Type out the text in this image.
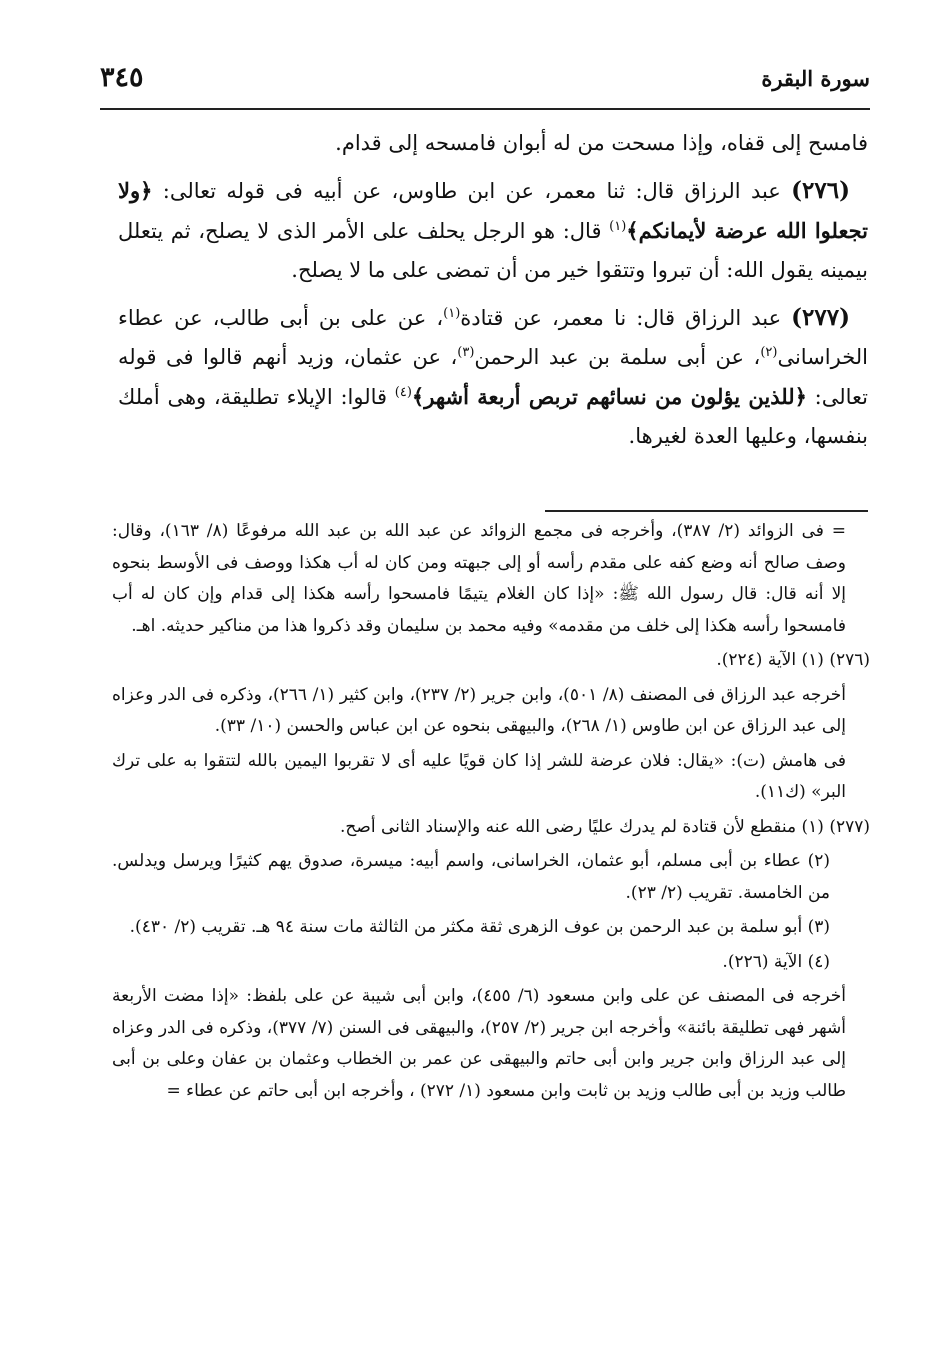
سورة البقرة
٣٤٥

فامسح إلى قفاه، وإذا مسحت من له أبوان فامسحه إلى قدام.

(٢٧٦) عبد الرزاق قال: ثنا معمر، عن ابن طاوس، عن أبيه فى قوله تعالى: ﴿ولا تجعلوا الله عرضة لأيمانكم﴾$^{(١)}$ قال: هو الرجل يحلف على الأمر الذى لا يصلح، ثم يتعلل بيمينه يقول الله: أن تبروا وتتقوا خير من أن تمضى على ما لا يصلح.

(٢٧٧) عبد الرزاق قال: نا معمر، عن قتادة$^{(١)}$، عن على بن أبى طالب، عن عطاء الخراسانى$^{(٢)}$، عن أبى سلمة بن عبد الرحمن$^{(٣)}$، عن عثمان، وزيد أنهم قالوا فى قوله تعالى: ﴿للذين يؤلون من نسائهم تربص أربعة أشهر﴾$^{(٤)}$ قالوا: الإيلاء تطليقة، وهى أملك بنفسها، وعليها العدة لغيرها.

= فى الزوائد (٢/ ٣٨٧)، وأخرجه فى مجمع الزوائد عن عبد الله بن عبد الله مرفوعًا (٨/ ١٦٣)، وقال: وصف صالح أنه وضع كفه على مقدم رأسه أو إلى جبهته ومن كان له أب هكذا ووصف فى الأوسط بنحوه إلا أنه قال: قال رسول الله ﷺ: «إذا كان الغلام يتيمًا فامسحوا رأسه هكذا إلى قدام وإن كان له أب فامسحوا رأسه هكذا إلى خلف من مقدمه» وفيه محمد بن سليمان وقد ذكروا هذا من مناكير حديثه. اهـ.

(٢٧٦) (١) الآية (٢٢٤).

أخرجه عبد الرزاق فى المصنف (٨/ ٥٠١)، وابن جرير (٢/ ٢٣٧)، وابن كثير (١/ ٢٦٦)، وذكره فى الدر وعزاه إلى عبد الرزاق عن ابن طاوس (١/ ٢٦٨)، والبيهقى بنحوه عن ابن عباس والحسن (١٠/ ٣٣).

فى هامش (ت): «يقال: فلان عرضة للشر إذا كان قويًا عليه أى لا تقربوا اليمين بالله لتتقوا به على ترك البر» (ك١١).

(٢٧٧) (١) منقطع لأن قتادة لم يدرك عليًا رضى الله عنه والإسناد الثانى أصح.

(٢) عطاء بن أبى مسلم، أبو عثمان، الخراسانى، واسم أبيه: ميسرة، صدوق يهم كثيرًا ويرسل ويدلس. من الخامسة. تقريب (٢/ ٢٣).

(٣) أبو سلمة بن عبد الرحمن بن عوف الزهرى ثقة مكثر من الثالثة مات سنة ٩٤ هـ. تقريب (٢/ ٤٣٠).

(٤) الآية (٢٢٦).

أخرجه فى المصنف عن على وابن مسعود (٦/ ٤٥٥)، وابن أبى شيبة عن على بلفظ: «إذا مضت الأربعة أشهر فهى تطليقة بائنة» وأخرجه ابن جرير (٢/ ٢٥٧)، والبيهقى فى السنن (٧/ ٣٧٧)، وذكره فى الدر وعزاه إلى عبد الرزاق وابن جرير وابن أبى حاتم والبيهقى عن عمر بن الخطاب وعثمان بن عفان وعلى بن أبى طالب وزيد بن أبى طالب وزيد بن ثابت وابن مسعود (١/ ٢٧٢) ، وأخرجه ابن أبى حاتم عن عطاء =
